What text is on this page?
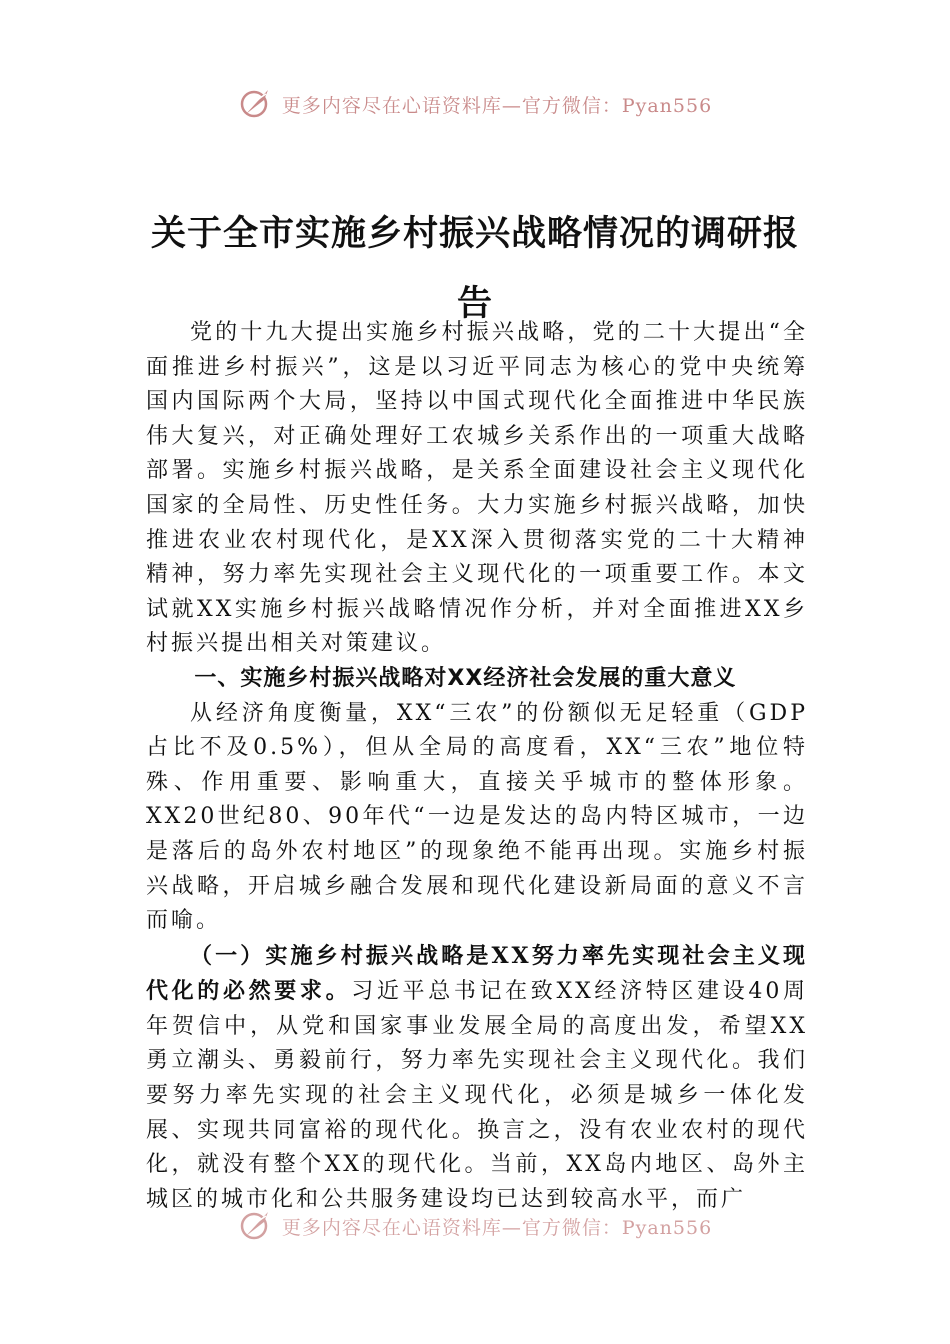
更多内容尽在心语资料库—官方微信：Pyan556
关于全市实施乡村振兴战略情况的调研报告

党的十九大提出实施乡村振兴战略，党的二十大提出“全面推进乡村振兴”，这是以习近平同志为核心的党中央统筹国内国际两个大局，坚持以中国式现代化全面推进中华民族伟大复兴，对正确处理好工农城乡关系作出的一项重大战略部署。实施乡村振兴战略，是关系全面建设社会主义现代化国家的全局性、历史性任务。大力实施乡村振兴战略，加快推进农业农村现代化，是XX深入贯彻落实党的二十大精神精神，努力率先实现社会主义现代化的一项重要工作。本文试就XX实施乡村振兴战略情况作分析，并对全面推进XX乡村振兴提出相关对策建议。

一、实施乡村振兴战略对XX经济社会发展的重大意义

从经济角度衡量，XX“三农”的份额似无足轻重（GDP占比不及0.5%），但从全局的高度看，XX“三农”地位特殊、作用重要、影响重大，直接关乎城市的整体形象。XX20世纪80、90年代“一边是发达的岛内特区城市，一边是落后的岛外农村地区”的现象绝不能再出现。实施乡村振兴战略，开启城乡融合发展和现代化建设新局面的意义不言而喻。

（一）实施乡村振兴战略是XX努力率先实现社会主义现代化的必然要求。习近平总书记在致XX经济特区建设40周年贺信中，从党和国家事业发展全局的高度出发，希望XX勇立潮头、勇毅前行，努力率先实现社会主义现代化。我们要努力率先实现的社会主义现代化，必须是城乡一体化发展、实现共同富裕的现代化。换言之，没有农业农村的现代化，就没有整个XX的现代化。当前，XX岛内地区、岛外主城区的城市化和公共服务建设均已达到较高水平，而广

更多内容尽在心语资料库—官方微信：Pyan556
